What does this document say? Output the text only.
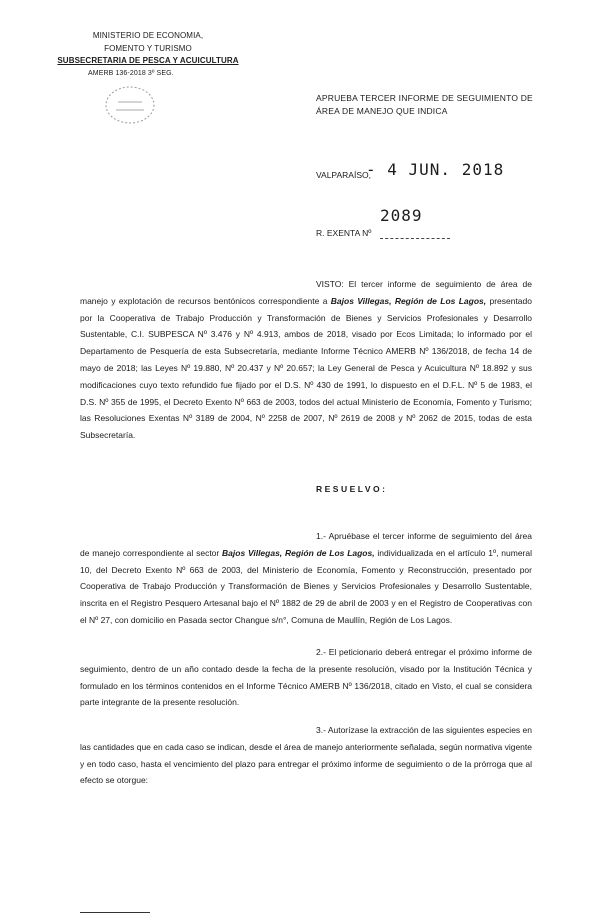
MINISTERIO DE ECONOMIA,
FOMENTO Y TURISMO
SUBSECRETARIA DE PESCA Y ACUICULTURA
AMERB 136-2018 3º SEG.
APRUEBA TERCER INFORME DE SEGUIMIENTO DE ÁREA DE MANEJO QUE INDICA
VALPARAÍSO,
- 4 JUN. 2018
2089
R. EXENTA Nº
VISTO: El tercer informe de seguimiento de área de manejo y explotación de recursos bentónicos correspondiente a Bajos Villegas, Región de Los Lagos, presentado por la Cooperativa de Trabajo Producción y Transformación de Bienes y Servicios Profesionales y Desarrollo Sustentable, C.I. SUBPESCA Nº 3.476 y Nº 4.913, ambos de 2018, visado por Ecos Limitada; lo informado por el Departamento de Pesquería de esta Subsecretaría, mediante Informe Técnico AMERB Nº 136/2018, de fecha 14 de mayo de 2018; las Leyes Nº 19.880, Nº 20.437 y Nº 20.657; la Ley General de Pesca y Acuicultura Nº 18.892 y sus modificaciones cuyo texto refundido fue fijado por el D.S. Nº 430 de 1991, lo dispuesto en el D.F.L. Nº 5 de 1983, el D.S. Nº 355 de 1995, el Decreto Exento Nº 663 de 2003, todos del actual Ministerio de Economía, Fomento y Turismo; las Resoluciones Exentas Nº 3189 de 2004, Nº 2258 de 2007, Nº 2619 de 2008 y Nº 2062 de 2015, todas de esta Subsecretaría.
RESUELVO:
1.- Apruébase el tercer informe de seguimiento del área de manejo correspondiente al sector Bajos Villegas, Región de Los Lagos, individualizada en el artículo 1º, numeral 10, del Decreto Exento Nº 663 de 2003, del Ministerio de Economía, Fomento y Reconstrucción, presentado por Cooperativa de Trabajo Producción y Transformación de Bienes y Servicios Profesionales y Desarrollo Sustentable, inscrita en el Registro Pesquero Artesanal bajo el Nº 1882 de 29 de abril de 2003 y en el Registro de Cooperativas con el Nº 27, con domicilio en Pasada sector Changue s/n°, Comuna de Maullín, Región de Los Lagos.
2.- El peticionario deberá entregar el próximo informe de seguimiento, dentro de un año contado desde la fecha de la presente resolución, visado por la Institución Técnica y formulado en los términos contenidos en el Informe Técnico AMERB Nº 136/2018, citado en Visto, el cual se considera parte integrante de la presente resolución.
3.- Autorízase la extracción de las siguientes especies en las cantidades que en cada caso se indican, desde el área de manejo anteriormente señalada, según normativa vigente y en todo caso, hasta el vencimiento del plazo para entregar el próximo informe de seguimiento o de la prórroga que al efecto se otorgue:
